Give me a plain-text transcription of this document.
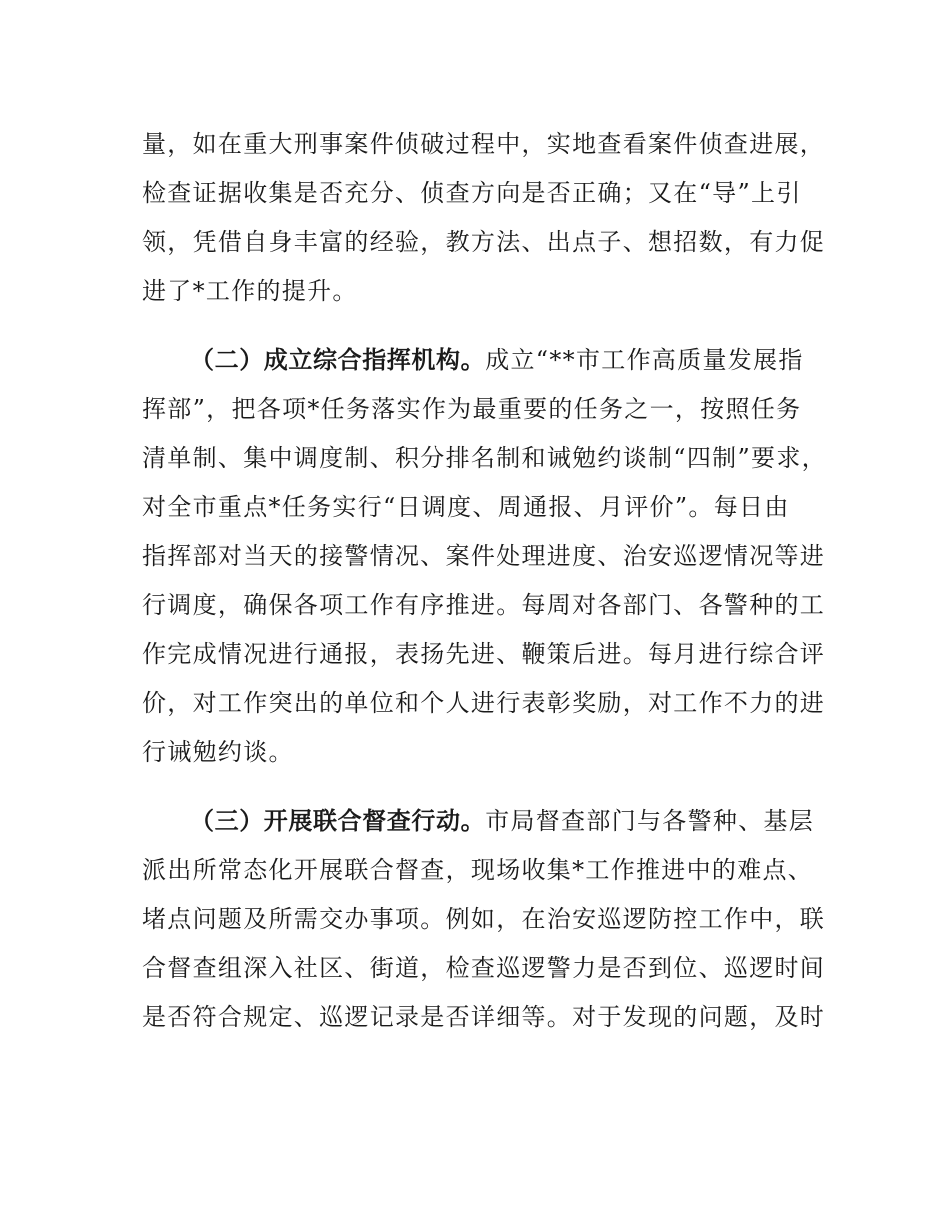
量，如在重大刑事案件侦破过程中，实地查看案件侦查进展，
检查证据收集是否充分、侦查方向是否正确；又在“导”上引
领，凭借自身丰富的经验，教方法、出点子、想招数，有力促
进了*工作的提升。
（二）成立综合指挥机构。成立“**市工作高质量发展指
挥部”，把各项*任务落实作为最重要的任务之一，按照任务
清单制、集中调度制、积分排名制和诫勉约谈制“四制”要求，
对全市重点*任务实行“日调度、周通报、月评价”。每日由
指挥部对当天的接警情况、案件处理进度、治安巡逻情况等进
行调度，确保各项工作有序推进。每周对各部门、各警种的工
作完成情况进行通报，表扬先进、鞭策后进。每月进行综合评
价，对工作突出的单位和个人进行表彰奖励，对工作不力的进
行诫勉约谈。
（三）开展联合督查行动。市局督查部门与各警种、基层
派出所常态化开展联合督查，现场收集*工作推进中的难点、
堵点问题及所需交办事项。例如，在治安巡逻防控工作中，联
合督查组深入社区、街道，检查巡逻警力是否到位、巡逻时间
是否符合规定、巡逻记录是否详细等。对于发现的问题，及时
